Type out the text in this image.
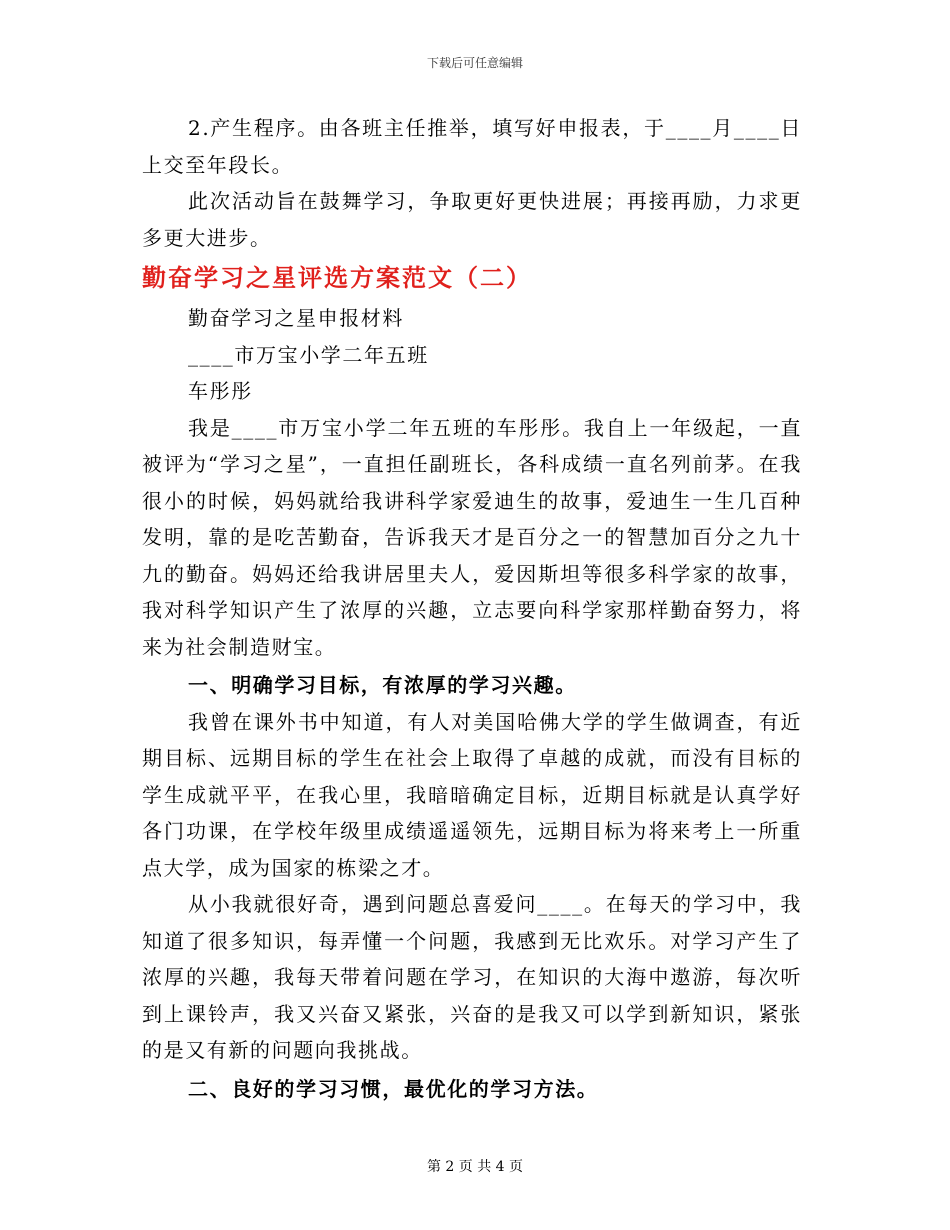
下载后可任意编辑

2.产生程序。由各班主任推举，填写好申报表，于____月____日上交至年段长。

此次活动旨在鼓舞学习，争取更好更快进展；再接再励，力求更多更大进步。

勤奋学习之星评选方案范文（二）

勤奋学习之星申报材料

____市万宝小学二年五班

车彤彤

我是____市万宝小学二年五班的车彤彤。我自上一年级起，一直被评为“学习之星”，一直担任副班长，各科成绩一直名列前茅。在我很小的时候，妈妈就给我讲科学家爱迪生的故事，爱迪生一生几百种发明，靠的是吃苦勤奋，告诉我天才是百分之一的智慧加百分之九十九的勤奋。妈妈还给我讲居里夫人，爱因斯坦等很多科学家的故事，我对科学知识产生了浓厚的兴趣，立志要向科学家那样勤奋努力，将来为社会制造财宝。

一、明确学习目标，有浓厚的学习兴趣。

我曾在课外书中知道，有人对美国哈佛大学的学生做调查，有近期目标、远期目标的学生在社会上取得了卓越的成就，而没有目标的学生成就平平，在我心里，我暗暗确定目标，近期目标就是认真学好各门功课，在学校年级里成绩遥遥领先，远期目标为将来考上一所重点大学，成为国家的栋梁之才。

从小我就很好奇，遇到问题总喜爱问____。在每天的学习中，我知道了很多知识，每弄懂一个问题，我感到无比欢乐。对学习产生了浓厚的兴趣，我每天带着问题在学习，在知识的大海中遨游，每次听到上课铃声，我又兴奋又紧张，兴奋的是我又可以学到新知识，紧张的是又有新的问题向我挑战。

二、良好的学习习惯，最优化的学习方法。

第 2 页 共 4 页
